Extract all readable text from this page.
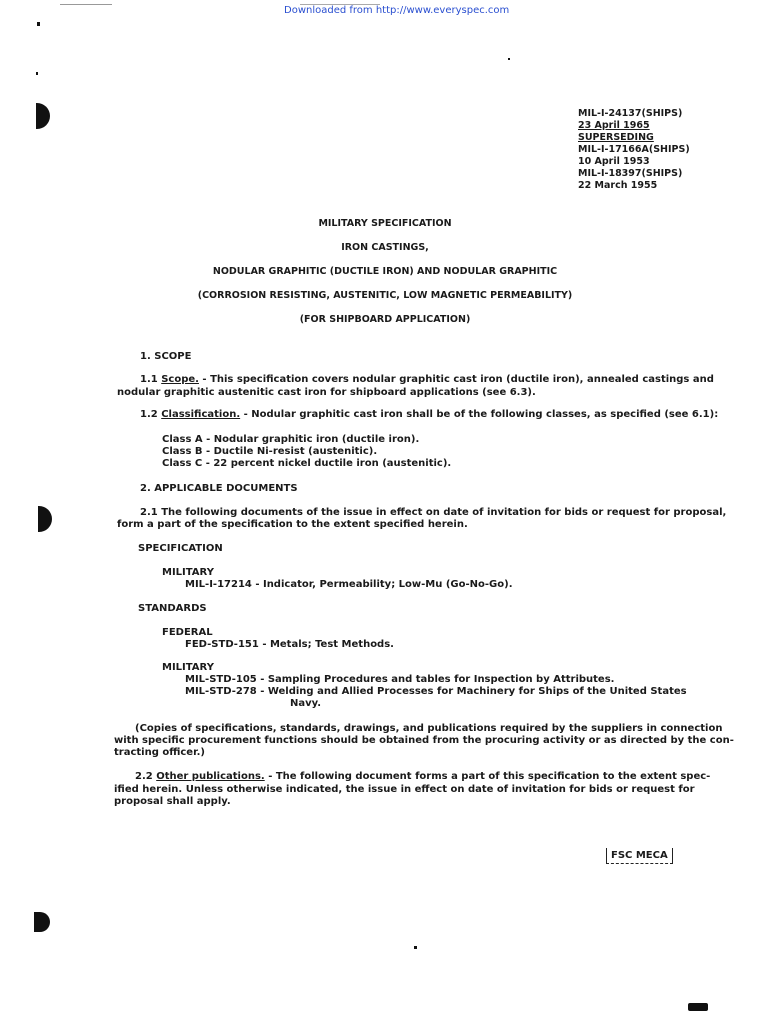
Downloaded from http://www.everyspec.com
MIL-I-24137(SHIPS)
23 April 1965
SUPERSEDING
MIL-I-17166A(SHIPS)
10 April 1953
MIL-I-18397(SHIPS)
22 March 1955
MILITARY SPECIFICATION
IRON CASTINGS,
NODULAR GRAPHITIC (DUCTILE IRON) AND NODULAR GRAPHITIC
(CORROSION RESISTING, AUSTENITIC, LOW MAGNETIC PERMEABILITY)
(FOR SHIPBOARD APPLICATION)
1. SCOPE
1.1 Scope. - This specification covers nodular graphitic cast iron (ductile iron), annealed castings and
nodular graphitic austenitic cast iron for shipboard applications (see 6.3).
1.2 Classification. - Nodular graphitic cast iron shall be of the following classes, as specified (see 6.1):
Class A - Nodular graphitic iron (ductile iron).
Class B - Ductile Ni-resist (austenitic).
Class C - 22 percent nickel ductile iron (austenitic).
2. APPLICABLE DOCUMENTS
2.1 The following documents of the issue in effect on date of invitation for bids or request for proposal,
form a part of the specification to the extent specified herein.
SPECIFICATION
MILITARY
MIL-I-17214 - Indicator, Permeability; Low-Mu (Go-No-Go).
STANDARDS
FEDERAL
FED-STD-151 - Metals; Test Methods.
MILITARY
MIL-STD-105 - Sampling Procedures and tables for Inspection by Attributes.
MIL-STD-278 - Welding and Allied Processes for Machinery for Ships of the United States
Navy.
(Copies of specifications, standards, drawings, and publications required by the suppliers in connection
with specific procurement functions should be obtained from the procuring activity or as directed by the con-
tracting officer.)
2.2 Other publications. - The following document forms a part of this specification to the extent spec-
ified herein. Unless otherwise indicated, the issue in effect on date of invitation for bids or request for
proposal shall apply.
FSC MECA
